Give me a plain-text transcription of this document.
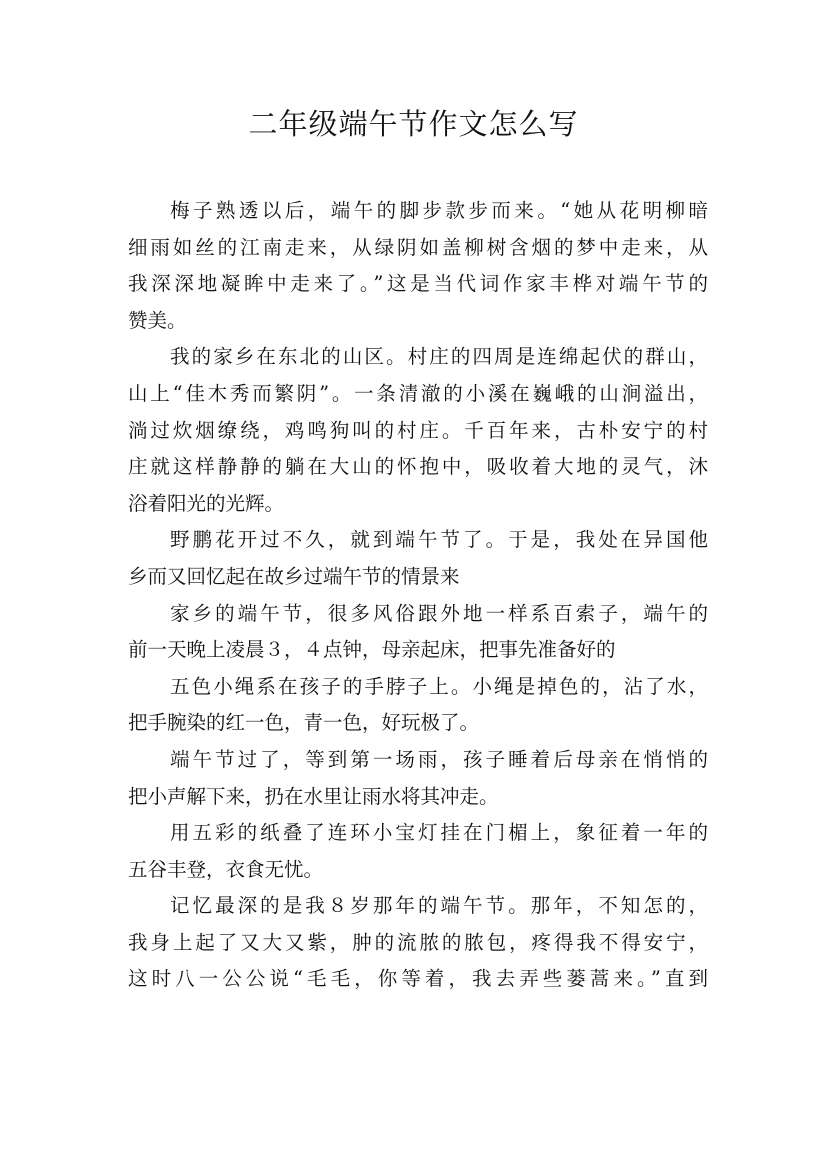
二年级端午节作文怎么写
梅子熟透以后，端午的脚步款步而来。“她从花明柳暗
细雨如丝的江南走来，从绿阴如盖柳树含烟的梦中走来，从
我深深地凝眸中走来了。”这是当代词作家丰桦对端午节的
赞美。
我的家乡在东北的山区。村庄的四周是连绵起伏的群山，
山上“佳木秀而繁阴”。一条清澈的小溪在巍峨的山涧溢出，
淌过炊烟缭绕，鸡鸣狗叫的村庄。千百年来，古朴安宁的村
庄就这样静静的躺在大山的怀抱中，吸收着大地的灵气，沐
浴着阳光的光辉。
野鹏花开过不久，就到端午节了。于是，我处在异国他
乡而又回忆起在故乡过端午节的情景来
家乡的端午节，很多风俗跟外地一样系百索子，端午的
前一天晚上凌晨３，４点钟，母亲起床，把事先准备好的
五色小绳系在孩子的手脖子上。小绳是掉色的，沾了水，
把手腕染的红一色，青一色，好玩极了。
端午节过了，等到第一场雨，孩子睡着后母亲在悄悄的
把小声解下来，扔在水里让雨水将其冲走。
用五彩的纸叠了连环小宝灯挂在门楣上，象征着一年的
五谷丰登，衣食无忧。
记忆最深的是我８岁那年的端午节。那年，不知怎的，
我身上起了又大又紫，肿的流脓的脓包，疼得我不得安宁，
这时八一公公说“毛毛，你等着，我去弄些蒌蒿来。”直到
